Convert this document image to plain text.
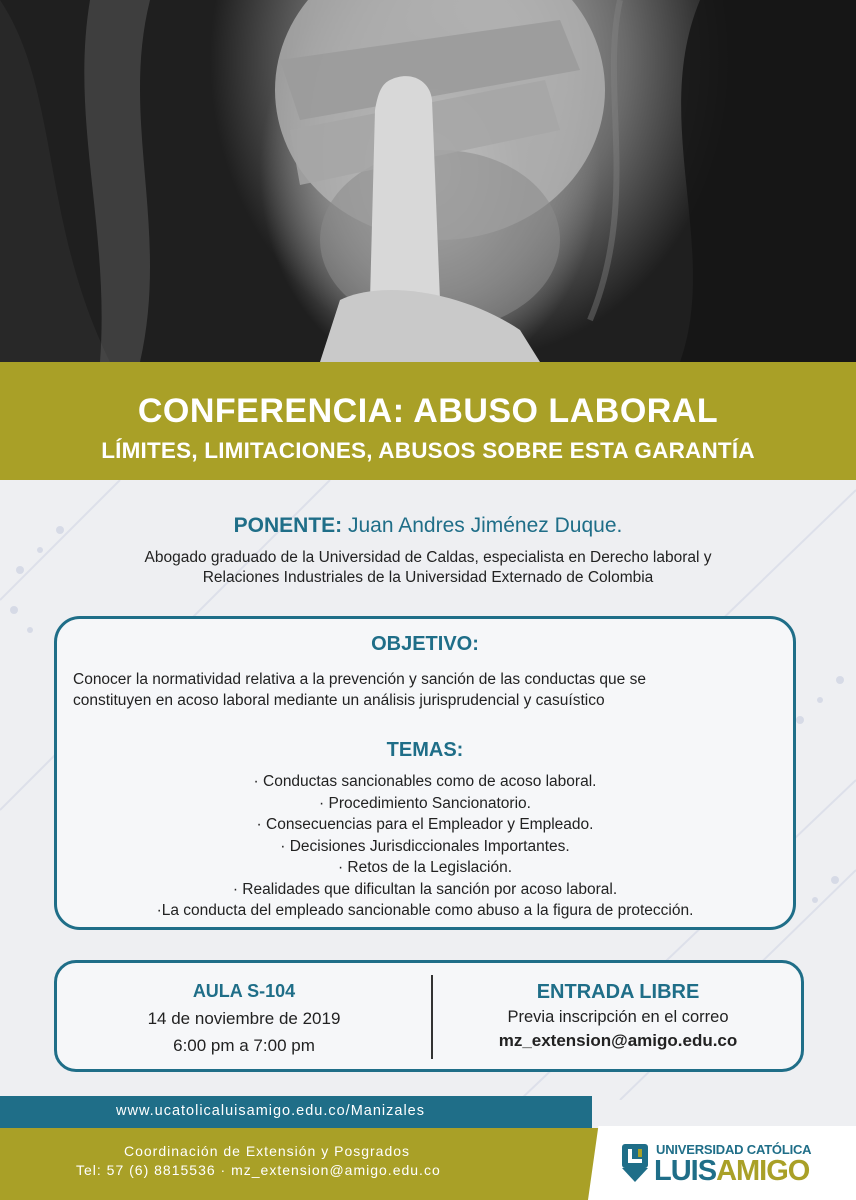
CONFERENCIA: ABUSO LABORAL
LÍMITES, LIMITACIONES, ABUSOS SOBRE ESTA GARANTÍA
PONENTE: Juan Andres Jiménez Duque.
Abogado graduado de la Universidad de Caldas, especialista en Derecho laboral y
Relaciones Industriales de la Universidad Externado de Colombia
OBJETIVO:
Conocer la normatividad relativa a la prevención y sanción de las conductas que se
constituyen en acoso laboral mediante un análisis jurisprudencial y casuístico
TEMAS:
· Conductas sancionables como de acoso laboral.
· Procedimiento Sancionatorio.
· Consecuencias para el Empleador y Empleado.
· Decisiones Jurisdiccionales Importantes.
· Retos de la Legislación.
· Realidades que dificultan la sanción por acoso laboral.
·La conducta del empleado sancionable como abuso a la figura de protección.
AULA S-104
14 de noviembre de 2019
6:00 pm a 7:00 pm
ENTRADA LIBRE
Previa inscripción en el correo
mz_extension@amigo.edu.co
www.ucatolicaluisamigo.edu.co/Manizales
Coordinación de Extensión y Posgrados
Tel: 57 (6) 8815536 · mz_extension@amigo.edu.co
UNIVERSIDAD CATÓLICA
LUISAMIGO
